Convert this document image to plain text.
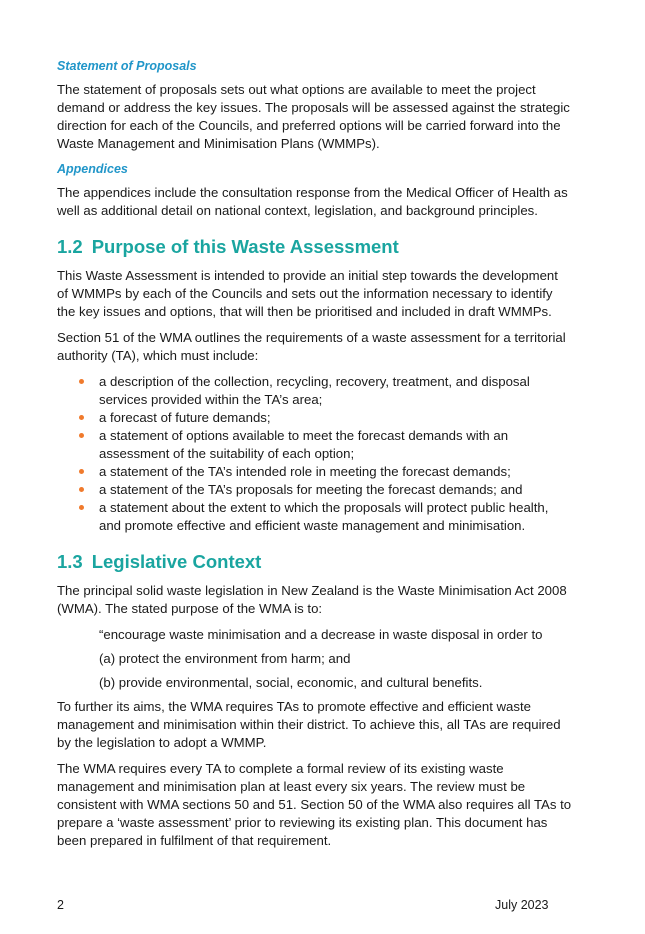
Statement of Proposals

The statement of proposals sets out what options are available to meet the project demand or address the key issues. The proposals will be assessed against the strategic direction for each of the Councils, and preferred options will be carried forward into the Waste Management and Minimisation Plans (WMMPs).

Appendices

The appendices include the consultation response from the Medical Officer of Health as well as additional detail on national context, legislation, and background principles.

1.2 Purpose of this Waste Assessment

This Waste Assessment is intended to provide an initial step towards the development of WMMPs by each of the Councils and sets out the information necessary to identify the key issues and options, that will then be prioritised and included in draft WMMPs.

Section 51 of the WMA outlines the requirements of a waste assessment for a territorial authority (TA), which must include:

a description of the collection, recycling, recovery, treatment, and disposal services provided within the TA’s area;
a forecast of future demands;
a statement of options available to meet the forecast demands with an assessment of the suitability of each option;
a statement of the TA’s intended role in meeting the forecast demands;
a statement of the TA’s proposals for meeting the forecast demands; and
a statement about the extent to which the proposals will protect public health, and promote effective and efficient waste management and minimisation.
1.3 Legislative Context

The principal solid waste legislation in New Zealand is the Waste Minimisation Act 2008 (WMA). The stated purpose of the WMA is to:

“encourage waste minimisation and a decrease in waste disposal in order to

(a) protect the environment from harm; and

(b) provide environmental, social, economic, and cultural benefits.

To further its aims, the WMA requires TAs to promote effective and efficient waste management and minimisation within their district. To achieve this, all TAs are required by the legislation to adopt a WMMP.

The WMA requires every TA to complete a formal review of its existing waste management and minimisation plan at least every six years. The review must be consistent with WMA sections 50 and 51. Section 50 of the WMA also requires all TAs to prepare a ‘waste assessment’ prior to reviewing its existing plan. This document has been prepared in fulfilment of that requirement.

2	July 2023
